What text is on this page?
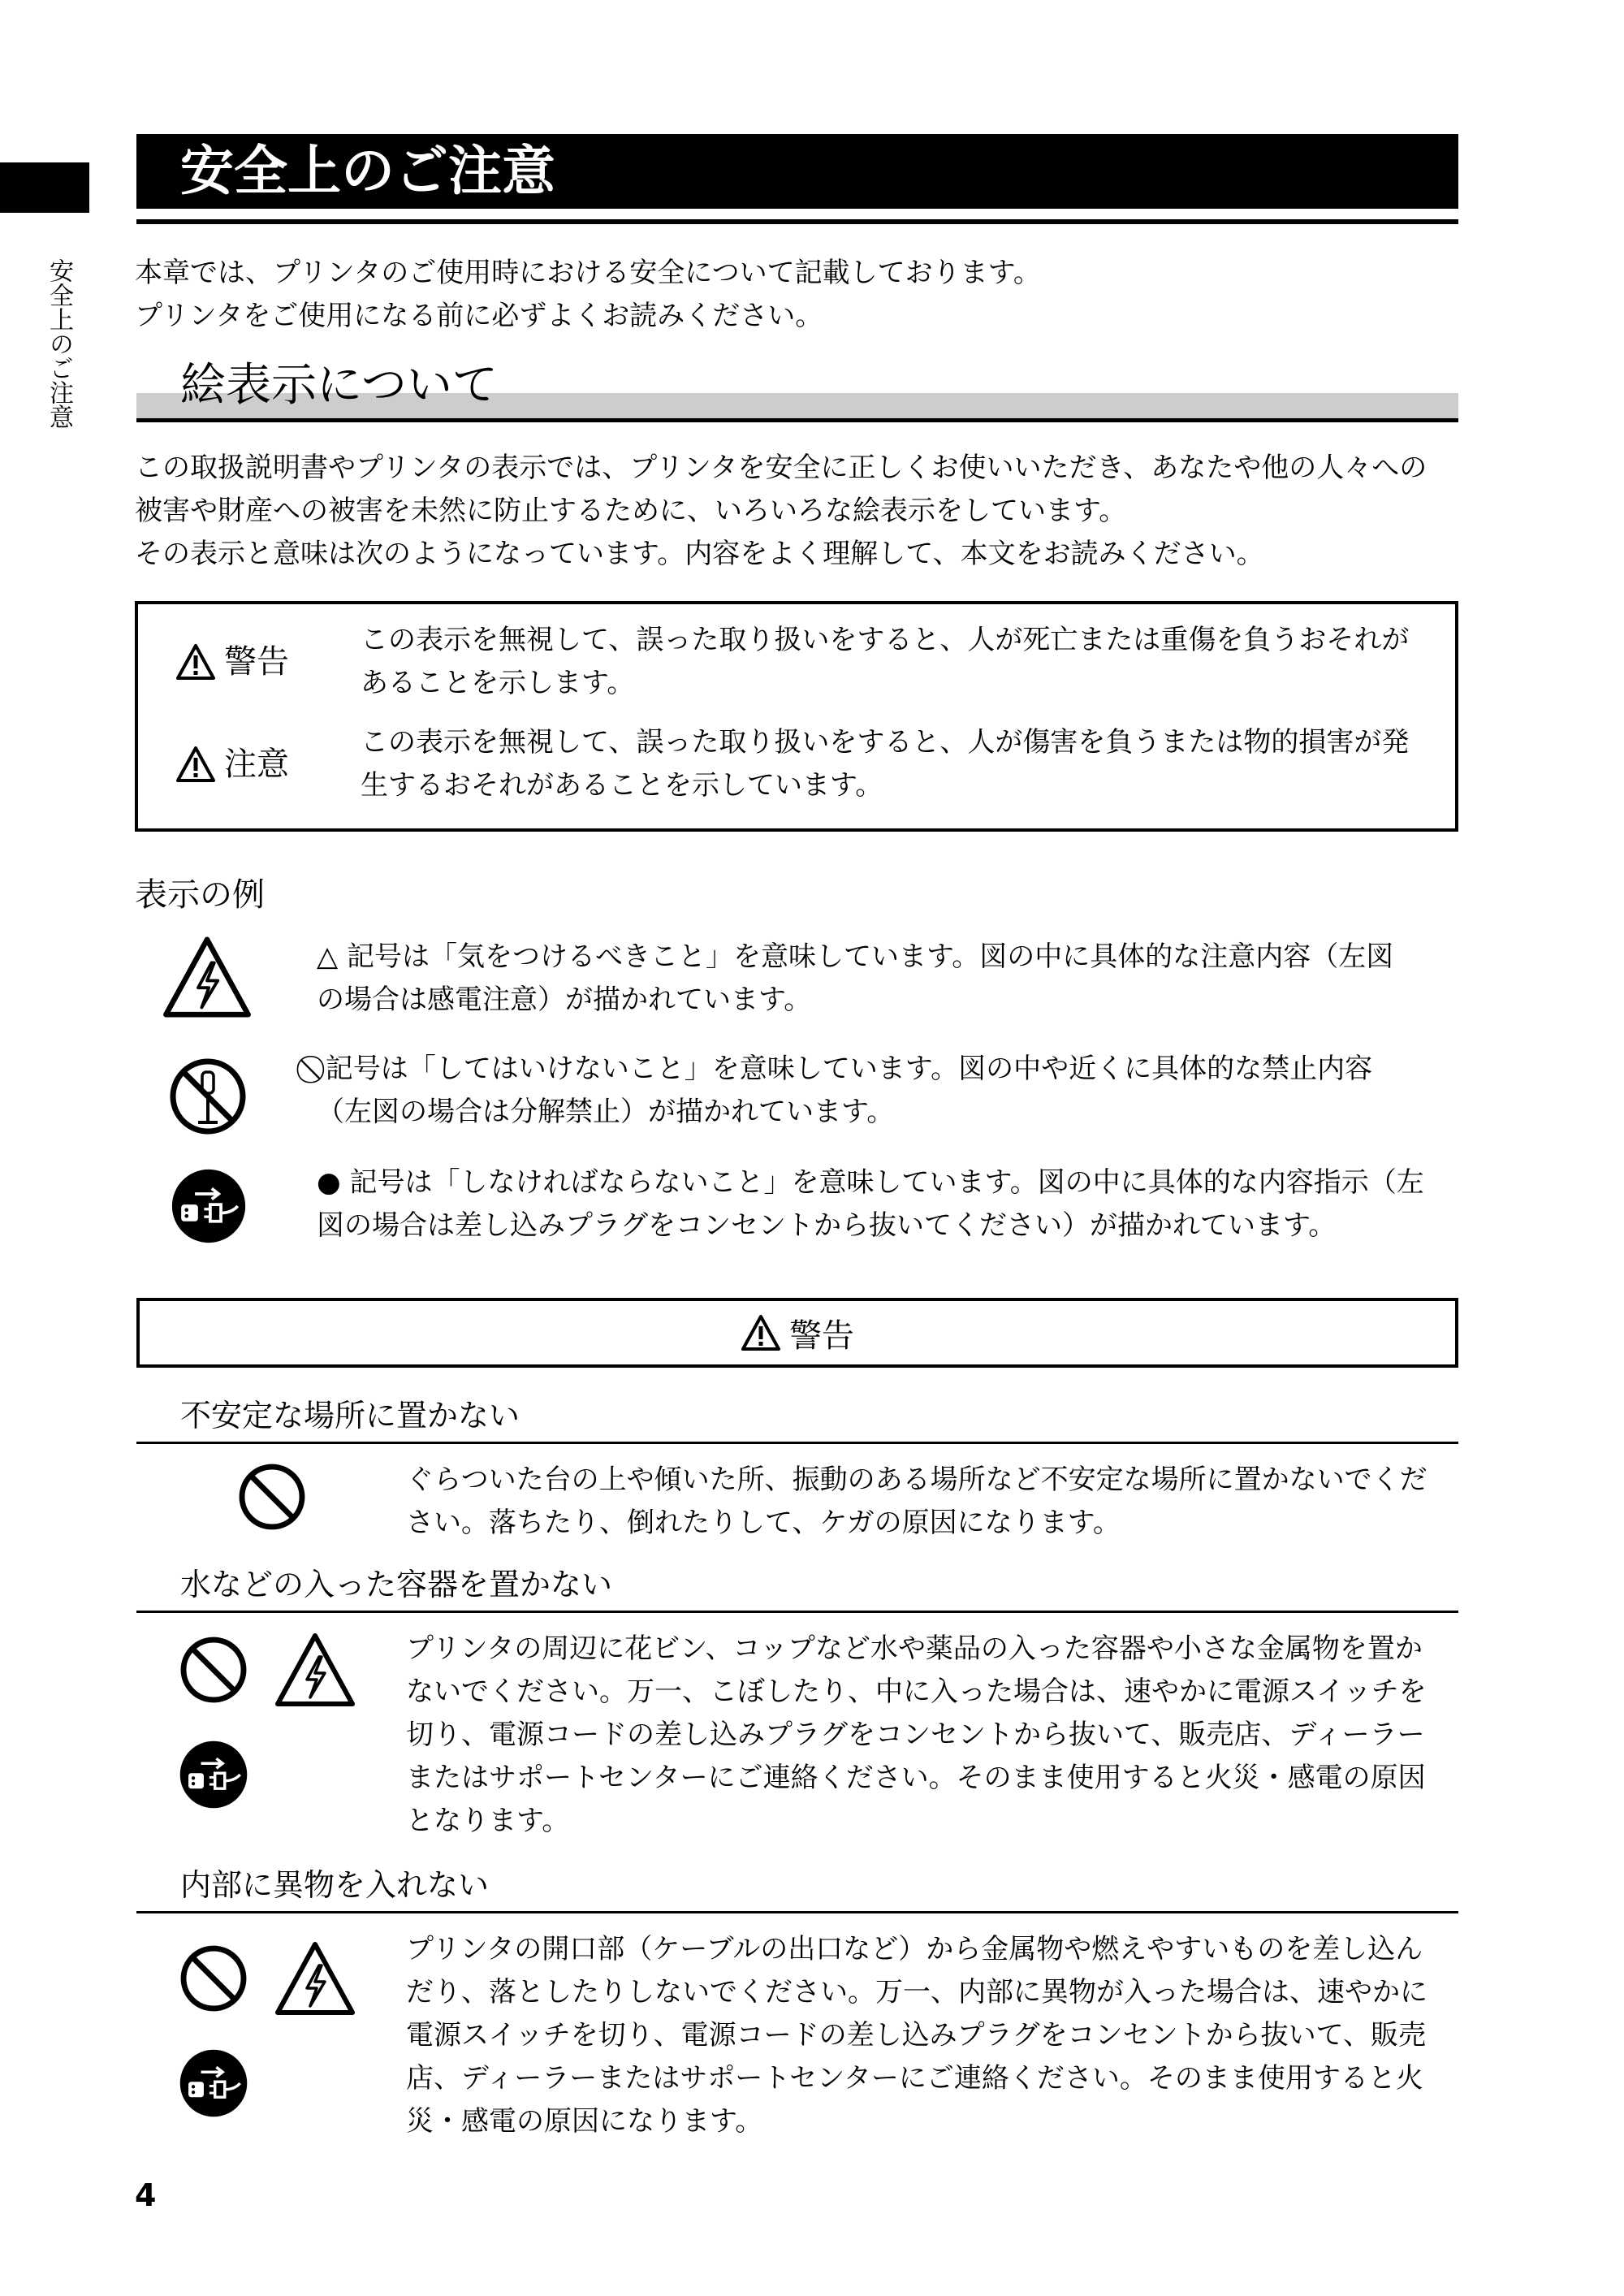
安全上のご注意
安全上のご注意
本章では、プリンタのご使用時における安全について記載しております。
プリンタをご使用になる前に必ずよくお読みください。
絵表示について
この取扱説明書やプリンタの表示では、プリンタを安全に正しくお使いいただき、あなたや他の人々への
被害や財産への被害を未然に防止するために、いろいろな絵表示をしています。
その表示と意味は次のようになっています。内容をよく理解して、本文をお読みください。
警告
この表示を無視して、誤った取り扱いをすると、人が死亡または重傷を負うおそれが
あることを示します。
注意
この表示を無視して、誤った取り扱いをすると、人が傷害を負うまたは物的損害が発
生するおそれがあることを示しています。
表示の例
△ 記号は「気をつけるべきこと」を意味しています。図の中に具体的な注意内容（左図
の場合は感電注意）が描かれています。
⃠ 記号は「してはいけないこと」を意味しています。図の中や近くに具体的な禁止内容
（左図の場合は分解禁止）が描かれています。
● 記号は「しなければならないこと」を意味しています。図の中に具体的な内容指示（左
図の場合は差し込みプラグをコンセントから抜いてください）が描かれています。
警告
不安定な場所に置かない
ぐらついた台の上や傾いた所、振動のある場所など不安定な場所に置かないでくだ
さい。落ちたり、倒れたりして、ケガの原因になります。
水などの入った容器を置かない
プリンタの周辺に花ビン、コップなど水や薬品の入った容器や小さな金属物を置か
ないでください。万一、こぼしたり、中に入った場合は、速やかに電源スイッチを
切り、電源コードの差し込みプラグをコンセントから抜いて、販売店、ディーラー
またはサポートセンターにご連絡ください。そのまま使用すると火災・感電の原因
となります。
内部に異物を入れない
プリンタの開口部（ケーブルの出口など）から金属物や燃えやすいものを差し込ん
だり、落としたりしないでください。万一、内部に異物が入った場合は、速やかに
電源スイッチを切り、電源コードの差し込みプラグをコンセントから抜いて、販売
店、ディーラーまたはサポートセンターにご連絡ください。そのまま使用すると火
災・感電の原因になります。
4
